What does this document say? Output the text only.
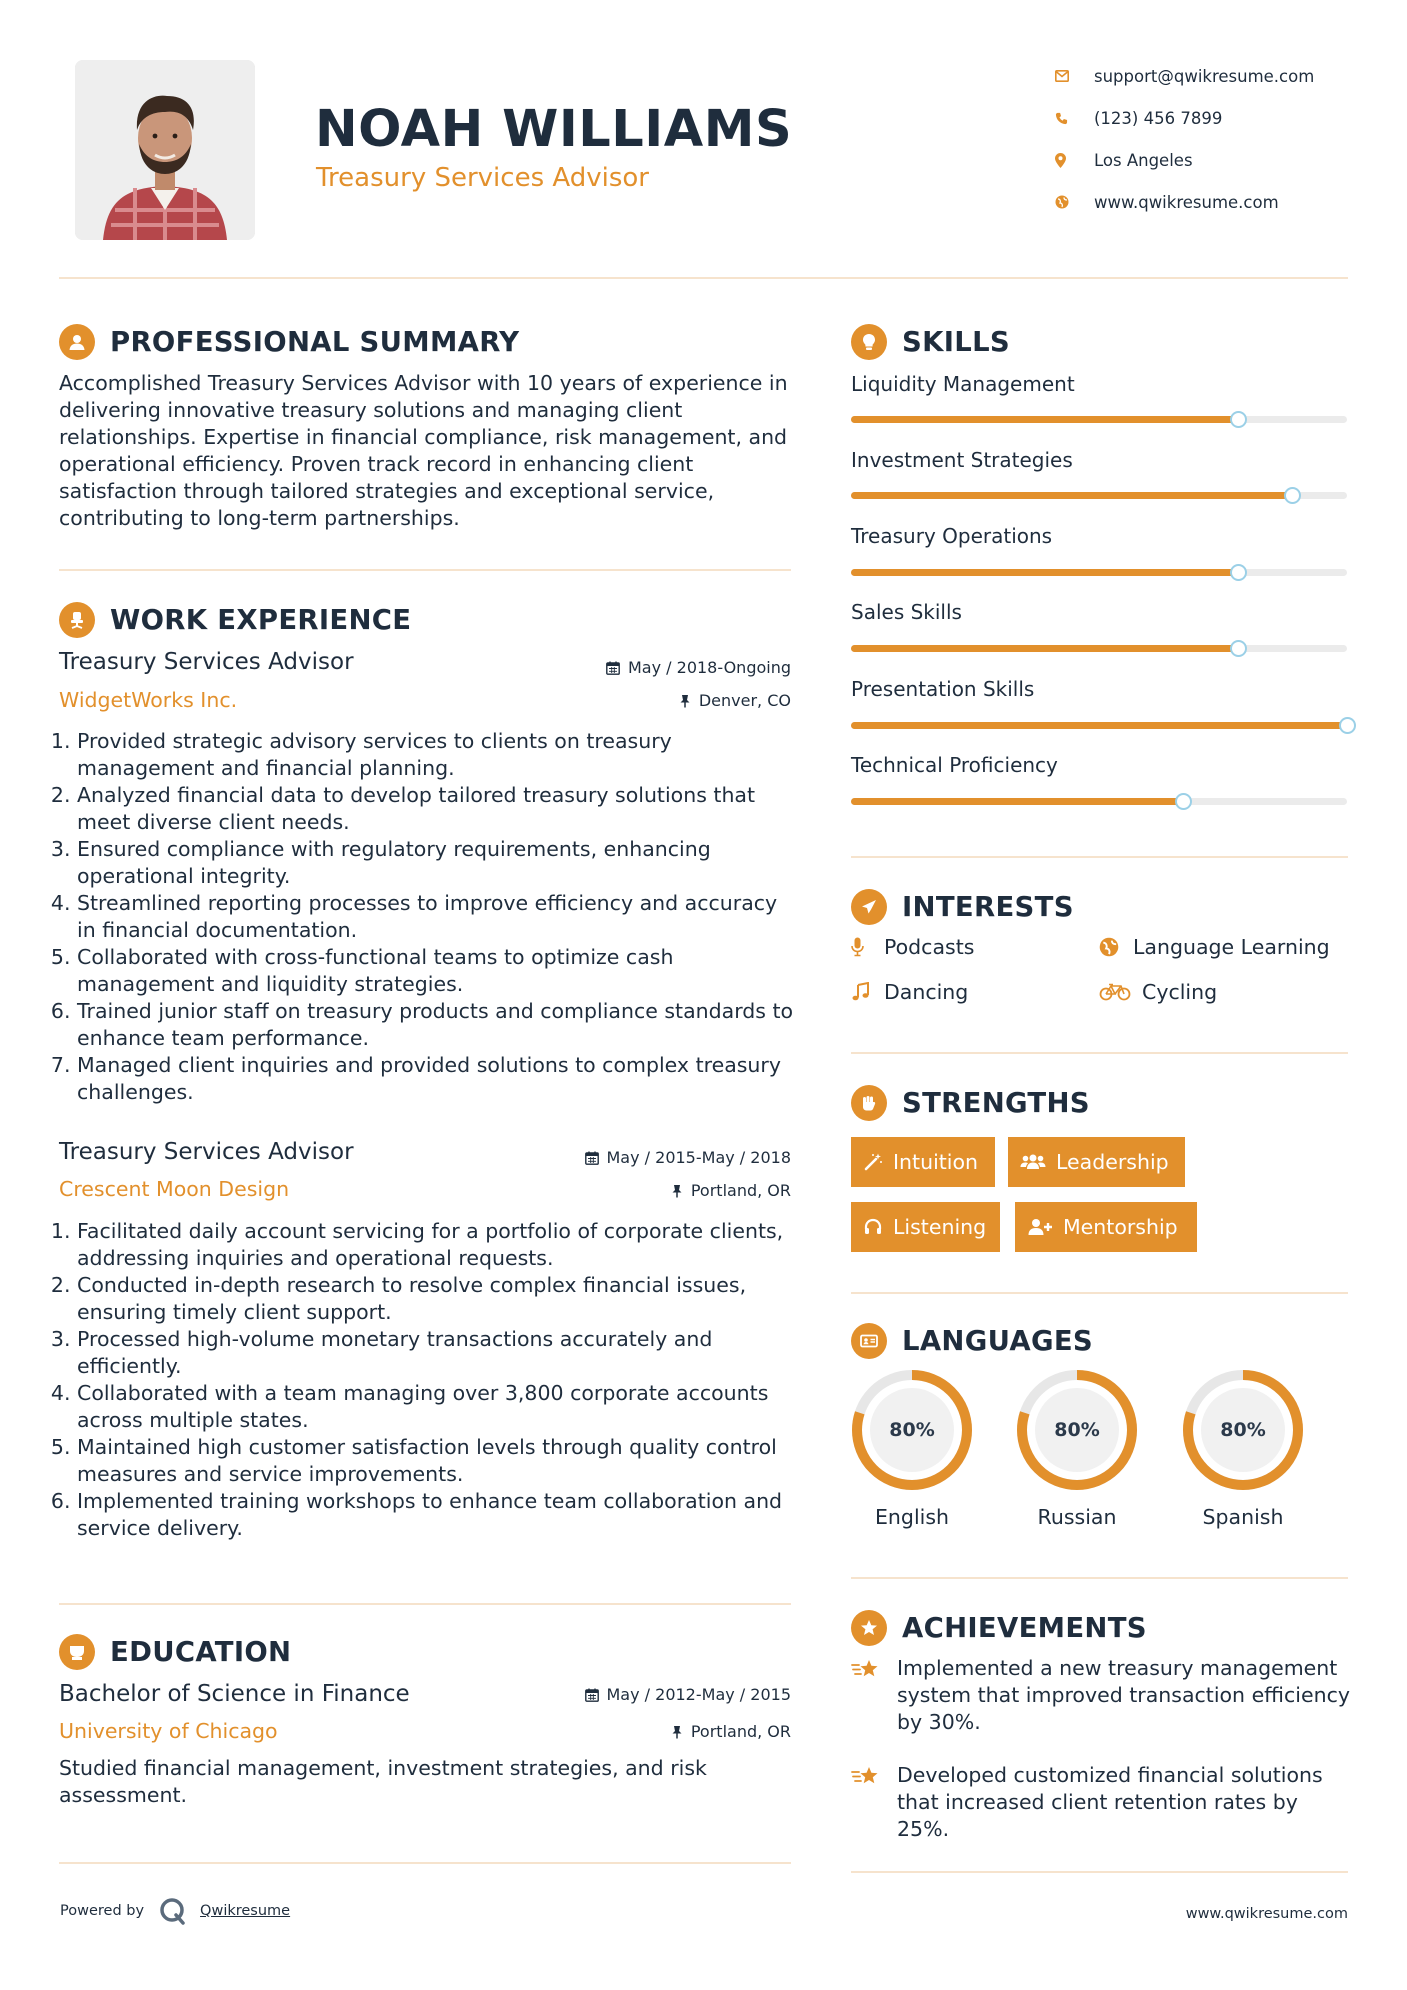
NOAH WILLIAMS
Treasury Services Advisor
support@qwikresume.com
(123) 456 7899
Los Angeles
www.qwikresume.com
PROFESSIONAL SUMMARY
Accomplished Treasury Services Advisor with 10 years of experience in delivering innovative treasury solutions and managing client relationships. Expertise in financial compliance, risk management, and operational efficiency. Proven track record in enhancing client satisfaction through tailored strategies and exceptional service, contributing to long-term partnerships.
WORK EXPERIENCE
Treasury Services Advisor
WidgetWorks Inc.
May / 2018-Ongoing
Denver, CO
1. Provided strategic advisory services to clients on treasury management and financial planning.
2. Analyzed financial data to develop tailored treasury solutions that meet diverse client needs.
3. Ensured compliance with regulatory requirements, enhancing operational integrity.
4. Streamlined reporting processes to improve efficiency and accuracy in financial documentation.
5. Collaborated with cross-functional teams to optimize cash management and liquidity strategies.
6. Trained junior staff on treasury products and compliance standards to enhance team performance.
7. Managed client inquiries and provided solutions to complex treasury challenges.
Treasury Services Advisor
Crescent Moon Design
May / 2015-May / 2018
Portland, OR
1. Facilitated daily account servicing for a portfolio of corporate clients, addressing inquiries and operational requests.
2. Conducted in-depth research to resolve complex financial issues, ensuring timely client support.
3. Processed high-volume monetary transactions accurately and efficiently.
4. Collaborated with a team managing over 3,800 corporate accounts across multiple states.
5. Maintained high customer satisfaction levels through quality control measures and service improvements.
6. Implemented training workshops to enhance team collaboration and service delivery.
EDUCATION
Bachelor of Science in Finance
University of Chicago
May / 2012-May / 2015
Portland, OR
Studied financial management, investment strategies, and risk assessment.
SKILLS
Liquidity Management
Investment Strategies
Treasury Operations
Sales Skills
Presentation Skills
Technical Proficiency
INTERESTS
Podcasts	Language Learning
Dancing	Cycling
STRENGTHS
Intuition	Leadership
Listening	Mentorship
LANGUAGES
80%
English
80%
Russian
80%
Spanish
ACHIEVEMENTS
Implemented a new treasury management system that improved transaction efficiency by 30%.
Developed customized financial solutions that increased client retention rates by 25%.
Powered by	Qwikresume	www.qwikresume.com
